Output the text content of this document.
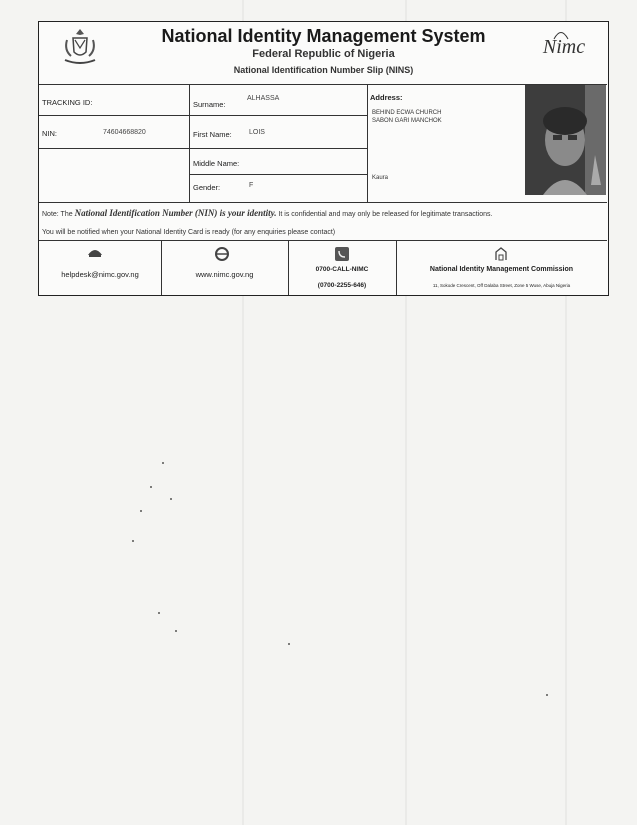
National Identity Management System
Federal Republic of Nigeria
National Identification Number Slip (NINS)
Nimc
TRACKING ID:
NIN:	74604668820
Surname:
ALHASSA
First Name: LOIS
Middle Name:
Gender:	F
Address:
BEHIND ECWA CHURCH
SABON GARI MANCHOK
Kaura
Note: The National Identification Number (NIN) is your identity. It is confidential and may only be released for legitimate transactions.
You will be notified when your National Identity Card is ready (for any enquiries please contact)
helpdesk@nimc.gov.ng	www.nimc.gov.ng
0700-CALL-NIMC
(0700-2255-646)
National Identity Management Commission
11, Sokode Crescent, Off Dalaba Street, Zone 5 Wuse, Abuja Nigeria
